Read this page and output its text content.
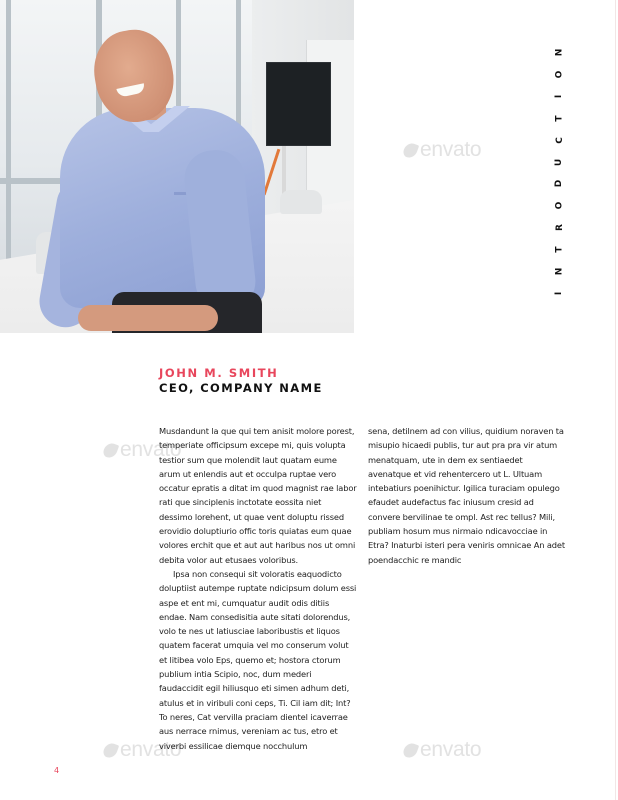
envato
envato
envato	envato
N
O
I
T
C
U
D
O
R
T
N
I
JOHN M. SMITH
CEO, COMPANY NAME

Musdandunt la que qui tem anisit molore porest, temperiate officipsum excepe mi, quis volupta testior sum que molendit laut quatam eume arum ut enlendis aut et occulpa ruptae vero occatur epratis a ditat im quod magnist rae labor rati que sinciplenis inctotate eossita niet dessimo lorehent, ut quae vent doluptu rissed erovidio doluptiurio offic toris quiatas eum quae volores erchit que et aut aut haribus nos ut omni debita volor aut etusaes voloribus.

Ipsa non consequi sit voloratis eaquodicto doluptiist autempe ruptate ndicipsum dolum essi aspe et ent mi, cumquatur audit odis ditiis endae. Nam consedisitia aute sitati dolorendus, volo te nes ut latiusciae laboribustis et liquos quatem facerat umquia vel mo conserum volut et litibea volo Eps, quemo et; hostora ctorum publium intia Scipio, noc, dum mederi faudaccidit egil hiliusquo eti simen adhum deti, atulus et in viribuli coni ceps, Ti. Cil iam dit; Int? To neres, Cat vervilla praciam dientel icaverrae aus nerrace rnimus, vereniam ac tus, etro et viverbi essilicae diemque nocchulum

sena, detilnem ad con vilius, quidium noraven ta misupio hicaedi publis, tur aut pra pra vir atum menatquam, ute in dem ex sentiaedet avenatque et vid rehentercero ut L. Ultuam intebatiurs poenihictur. Igilica turaciam opulego efaudet audefactus fac iniusum cresid ad convere bervilinae te ompl. Ast rec tellus? Mili, publiam hosum mus nirmaio ndicavocciae in Etra? Inaturbi isteri pera veniris omnicae An adet poendacchic re mandic

4
